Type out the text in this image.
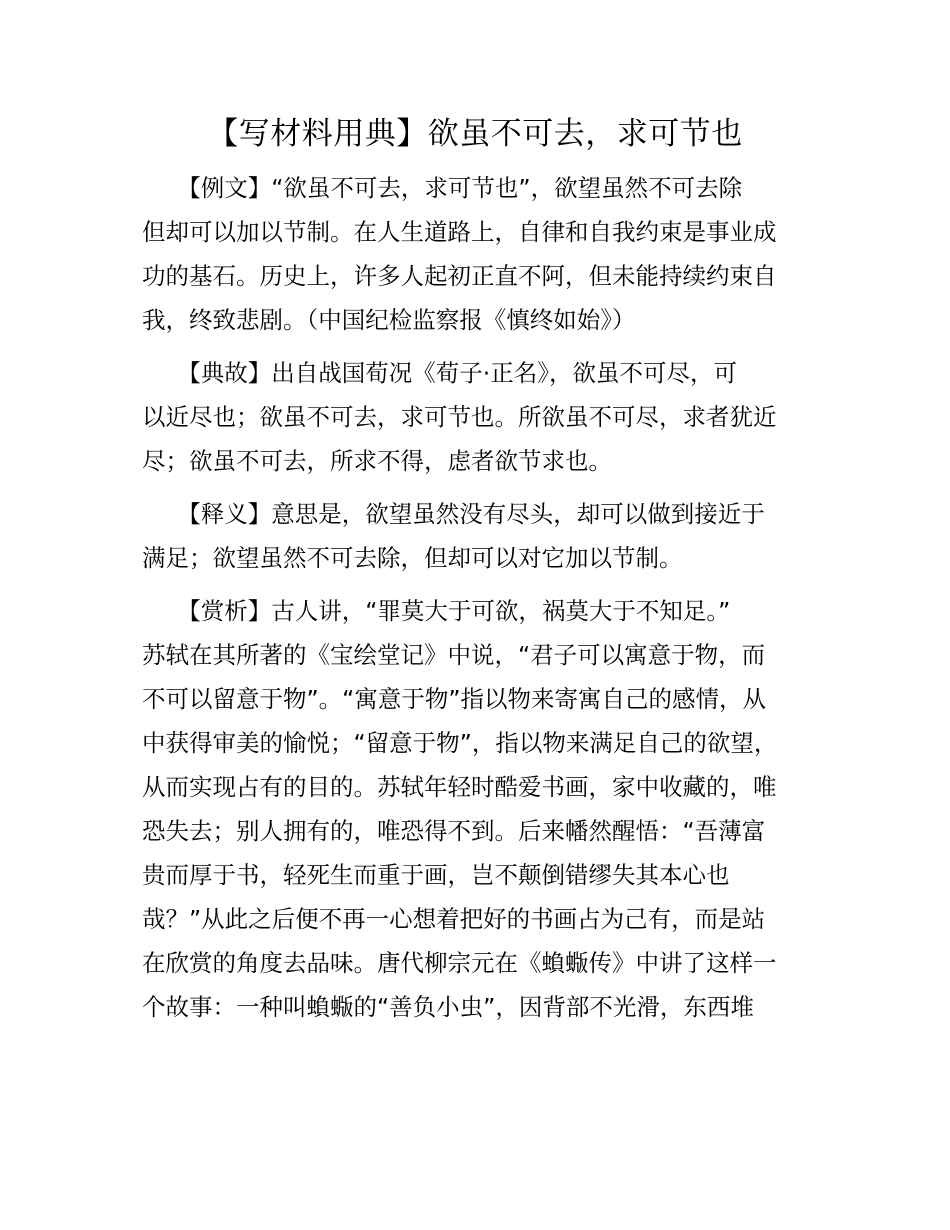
【写材料用典】欲虽不可去，求可节也

　　【例文】“欲虽不可去，求可节也”，欲望虽然不可去除

但却可以加以节制。在人生道路上，自律和自我约束是事业成

功的基石。历史上，许多人起初正直不阿，但未能持续约束自

我，终致悲剧。（中国纪检监察报《慎终如始》）

　　【典故】出自战国荀况《荀子·正名》，欲虽不可尽，可

以近尽也；欲虽不可去，求可节也。所欲虽不可尽，求者犹近

尽；欲虽不可去，所求不得，虑者欲节求也。

　　【释义】意思是，欲望虽然没有尽头，却可以做到接近于

满足；欲望虽然不可去除，但却可以对它加以节制。

　　【赏析】古人讲，“罪莫大于可欲，祸莫大于不知足。”

苏轼在其所著的《宝绘堂记》中说，“君子可以寓意于物，而

不可以留意于物”。“寓意于物”指以物来寄寓自己的感情，从

中获得审美的愉悦；“留意于物”，指以物来满足自己的欲望，

从而实现占有的目的。苏轼年轻时酷爱书画，家中收藏的，唯

恐失去；别人拥有的，唯恐得不到。后来幡然醒悟：“吾薄富

贵而厚于书，轻死生而重于画，岂不颠倒错缪失其本心也

哉？”从此之后便不再一心想着把好的书画占为己有，而是站

在欣赏的角度去品味。唐代柳宗元在《蝜蝂传》中讲了这样一

个故事：一种叫蝜蝂的“善负小虫”，因背部不光滑，东西堆
